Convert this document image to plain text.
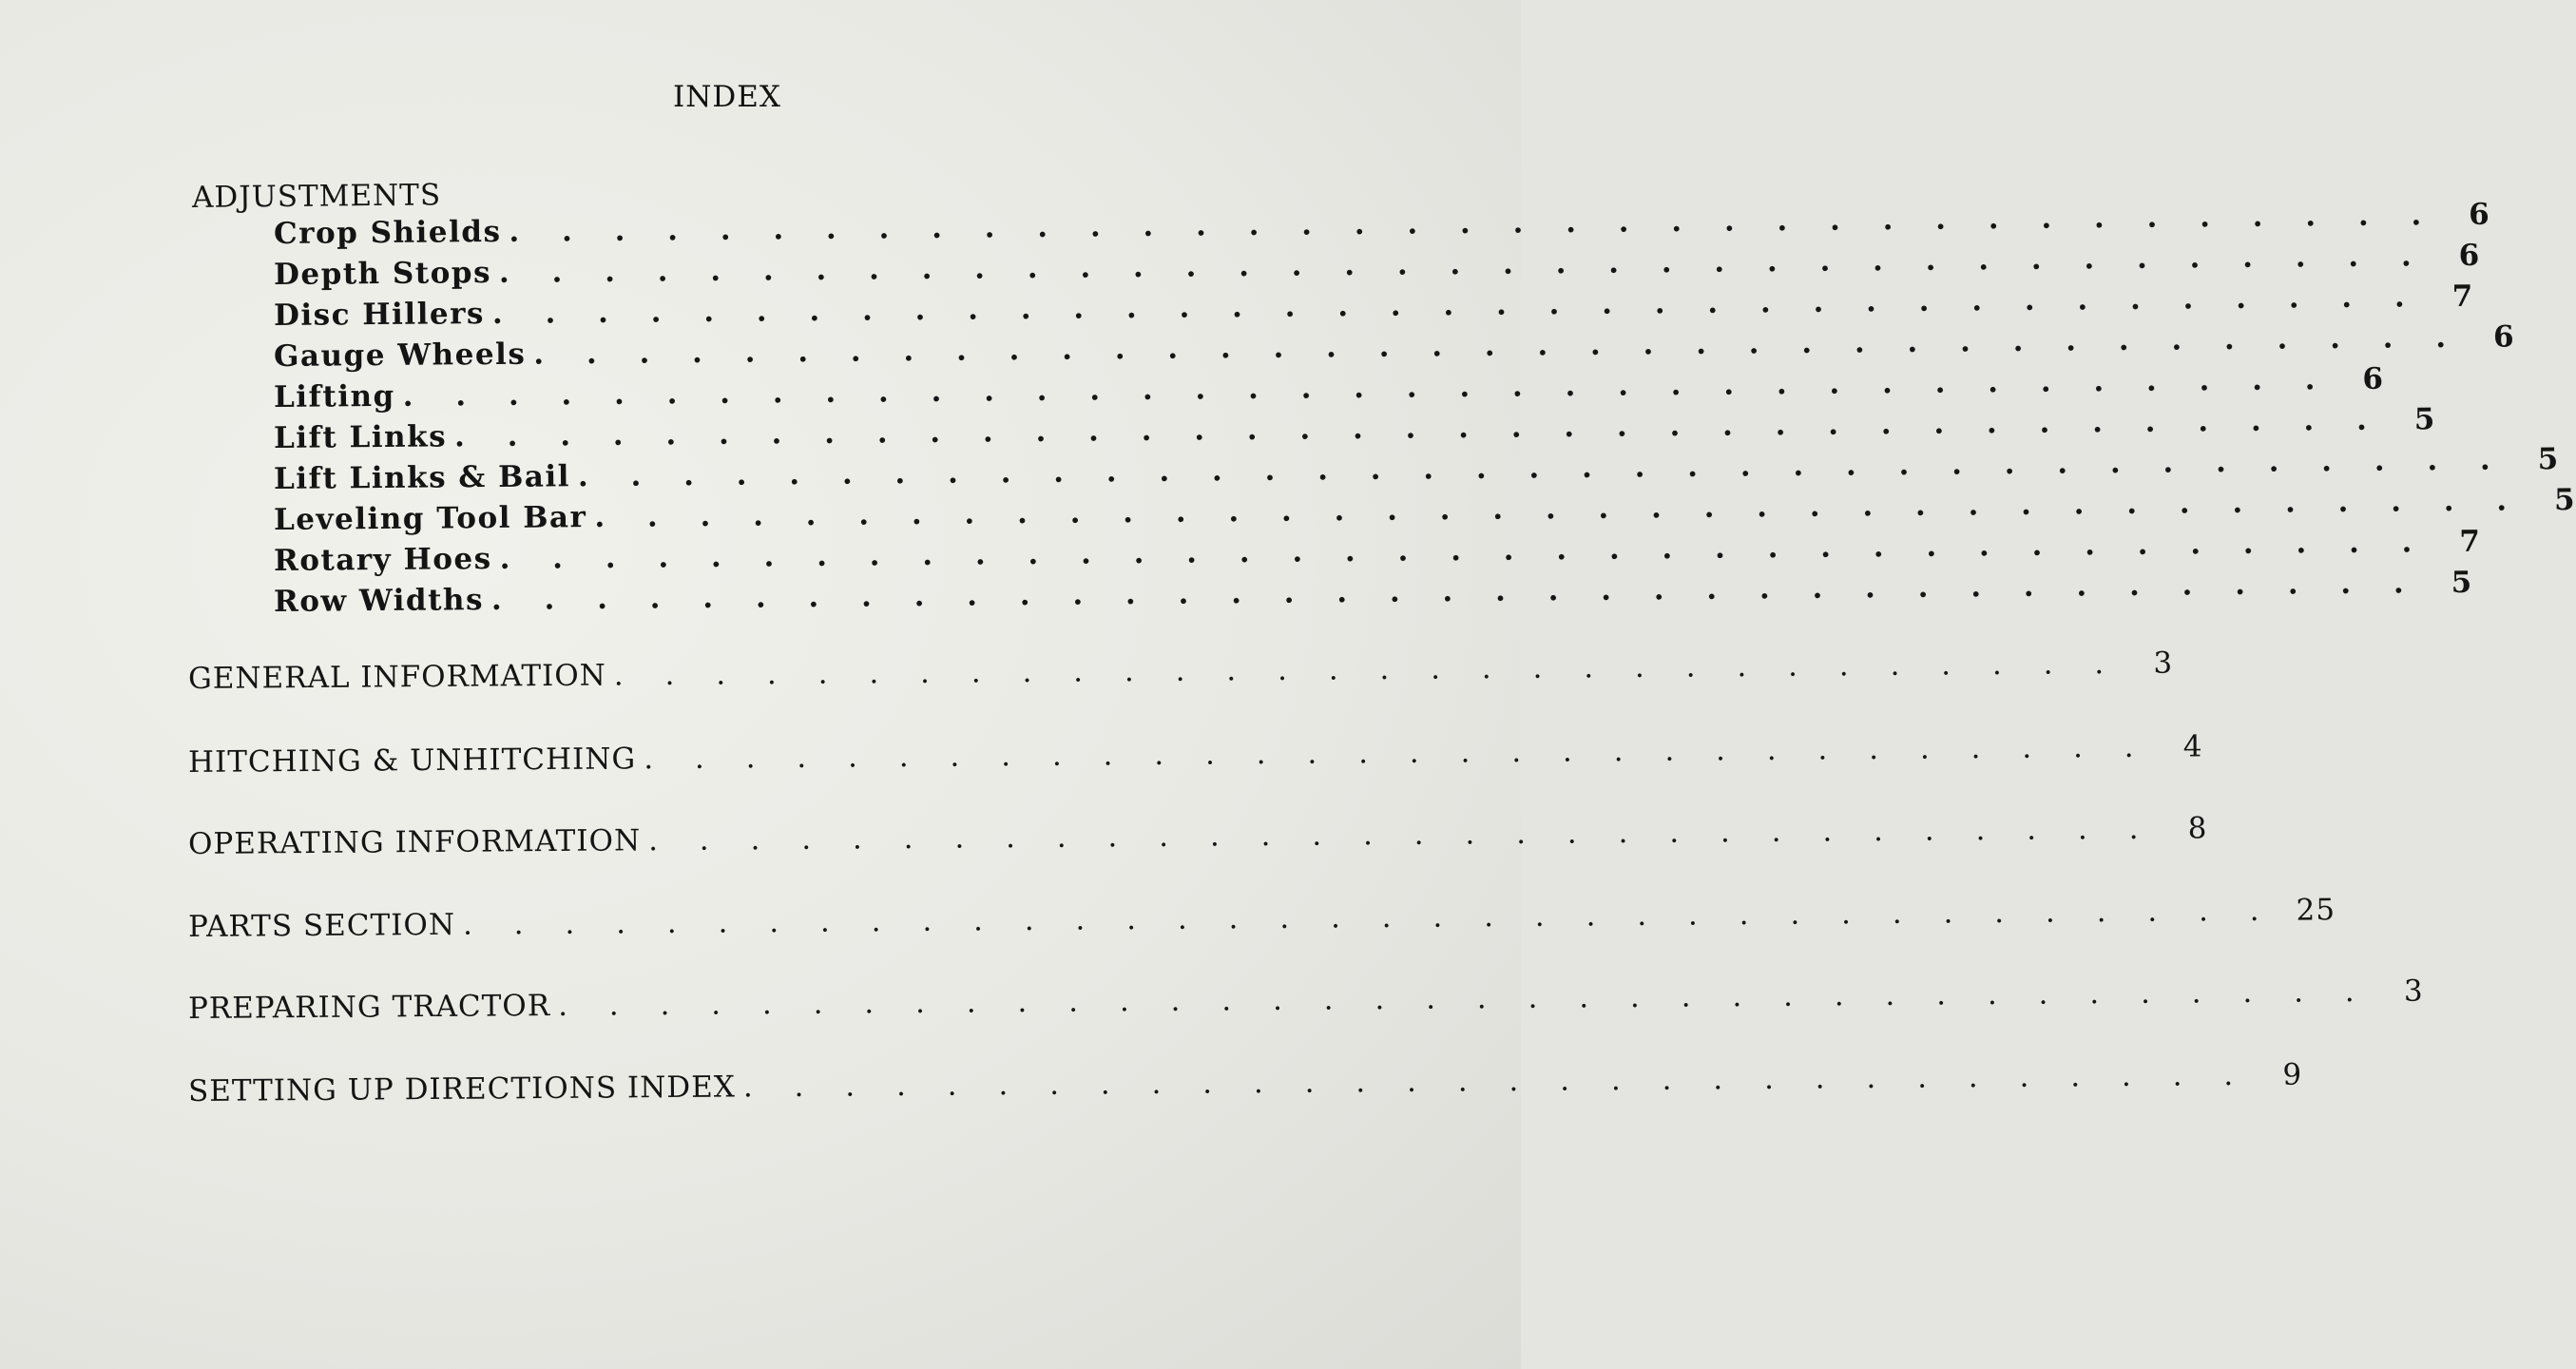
INDEX
ADJUSTMENTS
Crop Shields . . . . . . . . . . . . . . . . . . . . . . . . . . . . . . . . . . . . .	6
Depth Stops . . . . . . . . . . . . . . . . . . . . . . . . . . . . . . . . . . . . .	6
Disc Hillers . . . . . . . . . . . . . . . . . . . . . . . . . . . . . . . . . . . . .	7
Gauge Wheels . . . . . . . . . . . . . . . . . . . . . . . . . . . . . . . . . . . . .	6
Lifting . . . . . . . . . . . . . . . . . . . . . . . . . . . . . . . . . . . . .	6
Lift Links . . . . . . . . . . . . . . . . . . . . . . . . . . . . . . . . . . . . .	5
Lift Links & Bail . . . . . . . . . . . . . . . . . . . . . . . . . . . . . . . . . . . . .	5
Leveling Tool Bar . . . . . . . . . . . . . . . . . . . . . . . . . . . . . . . . . . . . .	5
Rotary Hoes . . . . . . . . . . . . . . . . . . . . . . . . . . . . . . . . . . . . .	7
Row Widths . . . . . . . . . . . . . . . . . . . . . . . . . . . . . . . . . . . . .	5
GENERAL INFORMATION . . . . . . . . . . . . . . . . . . . . . . . . . . . . . .	3
HITCHING & UNHITCHING . . . . . . . . . . . . . . . . . . . . . . . . . . . . . .	4
OPERATING INFORMATION . . . . . . . . . . . . . . . . . . . . . . . . . . . . . .	8
PARTS SECTION . . . . . . . . . . . . . . . . . . . . . . . . . . . . . . . . . . . . 25
PREPARING TRACTOR . . . . . . . . . . . . . . . . . . . . . . . . . . . . . . . . . . . .	3
SETTING UP DIRECTIONS INDEX . . . . . . . . . . . . . . . . . . . . . . . . . . . . . .	9
